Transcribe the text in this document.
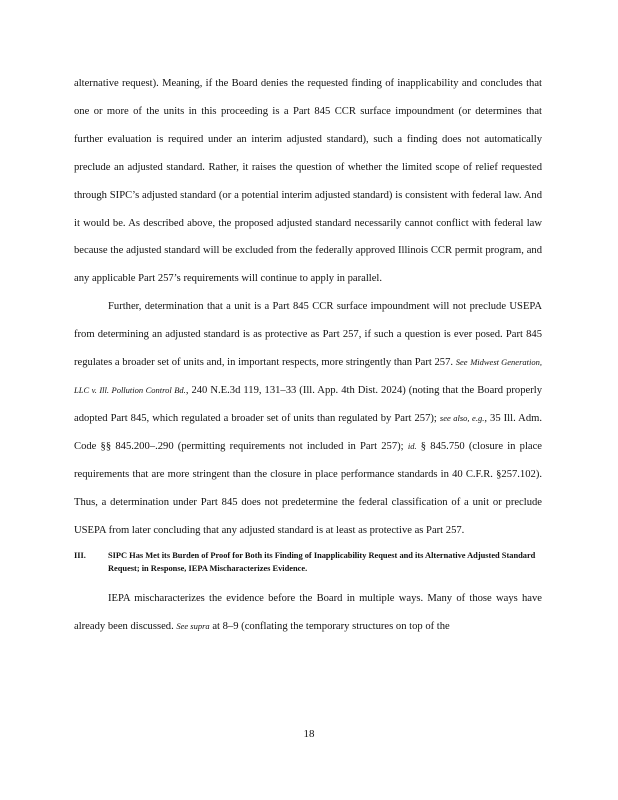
alternative request). Meaning, if the Board denies the requested finding of inapplicability and concludes that one or more of the units in this proceeding is a Part 845 CCR surface impoundment (or determines that further evaluation is required under an interim adjusted standard), such a finding does not automatically preclude an adjusted standard. Rather, it raises the question of whether the limited scope of relief requested through SIPC’s adjusted standard (or a potential interim adjusted standard) is consistent with federal law. And it would be. As described above, the proposed adjusted standard necessarily cannot conflict with federal law because the adjusted standard will be excluded from the federally approved Illinois CCR permit program, and any applicable Part 257’s requirements will continue to apply in parallel.

Further, determination that a unit is a Part 845 CCR surface impoundment will not preclude USEPA from determining an adjusted standard is as protective as Part 257, if such a question is ever posed. Part 845 regulates a broader set of units and, in important respects, more stringently than Part 257. See Midwest Generation, LLC v. Ill. Pollution Control Bd., 240 N.E.3d 119, 131–33 (Ill. App. 4th Dist. 2024) (noting that the Board properly adopted Part 845, which regulated a broader set of units than regulated by Part 257); see also, e.g., 35 Ill. Adm. Code §§ 845.200–.290 (permitting requirements not included in Part 257); id. § 845.750 (closure in place requirements that are more stringent than the closure in place performance standards in 40 C.F.R. §257.102). Thus, a determination under Part 845 does not predetermine the federal classification of a unit or preclude USEPA from later concluding that any adjusted standard is at least as protective as Part 257.

III.	SIPC Has Met its Burden of Proof for Both its Finding of Inapplicability Request and its Alternative Adjusted Standard Request; in Response, IEPA Mischaracterizes Evidence.

IEPA mischaracterizes the evidence before the Board in multiple ways. Many of those ways have already been discussed. See supra at 8–9 (conflating the temporary structures on top of the

18
